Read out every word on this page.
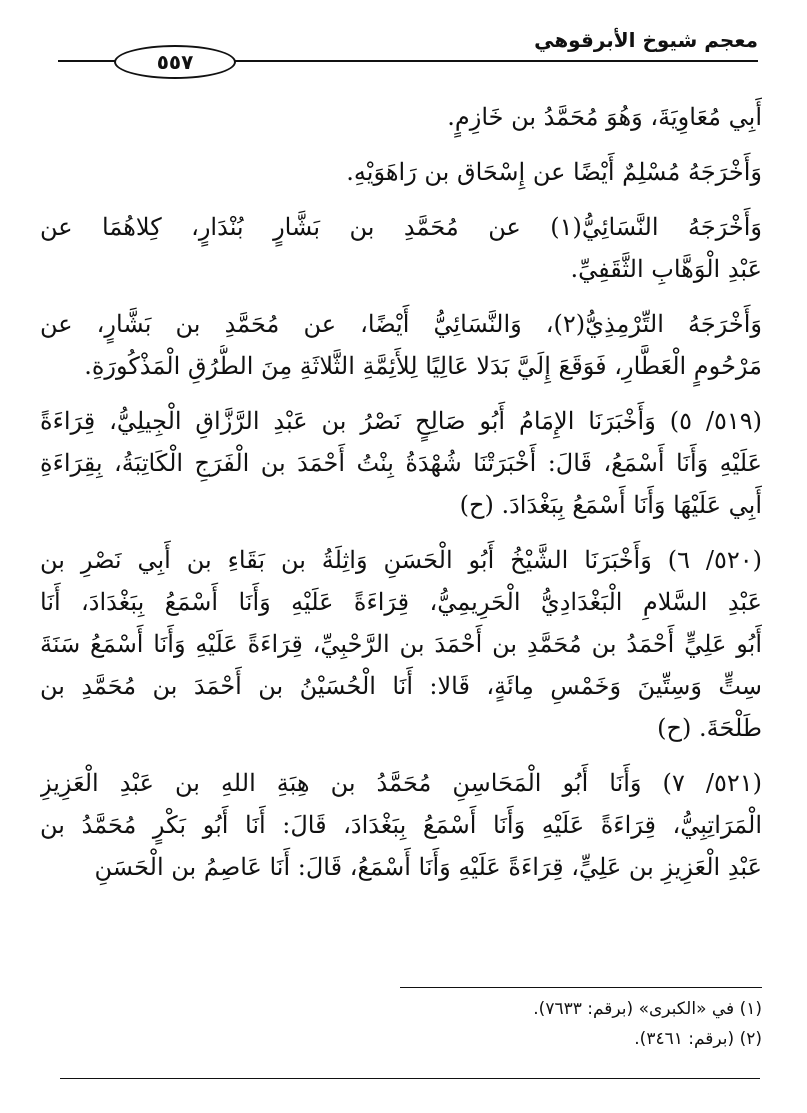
معجم شيوخ الأبرقوهي
٥٥٧
أَبِي مُعَاوِيَةَ، وَهُوَ مُحَمَّدُ بن خَازِمٍ.
وَأَخْرَجَهُ مُسْلِمٌ أَيْضًا عن إِسْحَاق بن رَاهَوَيْهِ.
وَأَخْرَجَهُ النَّسَائِيُّ(١) عن مُحَمَّدِ بن بَشَّارٍ بُنْدَارٍ، كِلاهُمَا عن
عَبْدِ الْوَهَّابِ الثَّقَفِيِّ.
وَأَخْرَجَهُ التِّرْمِذِيُّ(٢)، وَالنَّسَائِيُّ أَيْضًا، عن مُحَمَّدِ بن بَشَّارٍ، عن
مَرْحُومٍ الْعَطَّارِ، فَوَقَعَ إِلَيَّ بَدَلا عَالِيًا لِلأَئِمَّةِ الثَّلاثَةِ مِنَ الطُّرُقِ الْمَذْكُورَةِ.
(٥١٩/ ٥) وَأَخْبَرَنَا الإِمَامُ أَبُو صَالِحٍ نَصْرُ بن عَبْدِ الرَّزَّاقِ الْجِيلِيُّ، قِرَاءَةً
عَلَيْهِ وَأَنَا أَسْمَعُ، قَالَ: أَخْبَرَتْنَا شُهْدَةُ بِنْتُ أَحْمَدَ بن الْفَرَجِ الْكَاتِبَةُ، بِقِرَاءَةِ
أَبِي عَلَيْهَا وَأَنَا أَسْمَعُ بِبَغْدَادَ. (ح)
(٥٢٠/ ٦) وَأَخْبَرَنَا الشَّيْخُ أَبُو الْحَسَنِ وَاثِلَةُ بن بَقَاءِ بن أَبِي نَصْرِ بن
عَبْدِ السَّلامِ الْبَغْدَادِيُّ الْحَرِيمِيُّ، قِرَاءَةً عَلَيْهِ وَأَنَا أَسْمَعُ بِبَغْدَادَ، أَنَا
أَبُو عَلِيٍّ أَحْمَدُ بن مُحَمَّدِ بن أَحْمَدَ بن الرَّحْبِيِّ، قِرَاءَةً عَلَيْهِ وَأَنَا أَسْمَعُ سَنَةَ
سِتٍّ وَسِتِّينَ وَخَمْسِ مِائَةٍ، قَالا: أَنَا الْحُسَيْنُ بن أَحْمَدَ بن مُحَمَّدِ بن
طَلْحَةَ. (ح)
(٥٢١/ ٧) وَأَنَا أَبُو الْمَحَاسِنِ مُحَمَّدُ بن هِبَةِ اللهِ بن عَبْدِ الْعَزِيزِ
الْمَرَاتِبِيُّ، قِرَاءَةً عَلَيْهِ وَأَنَا أَسْمَعُ بِبَغْدَادَ، قَالَ: أَنَا أَبُو بَكْرٍ مُحَمَّدُ بن
عَبْدِ الْعَزِيزِ بن عَلِيٍّ، قِرَاءَةً عَلَيْهِ وَأَنَا أَسْمَعُ، قَالَ: أَنَا عَاصِمُ بن الْحَسَنِ
(١) في «الكبرى» (برقم: ٧٦٣٣).
(٢) (برقم: ٣٤٦١).
